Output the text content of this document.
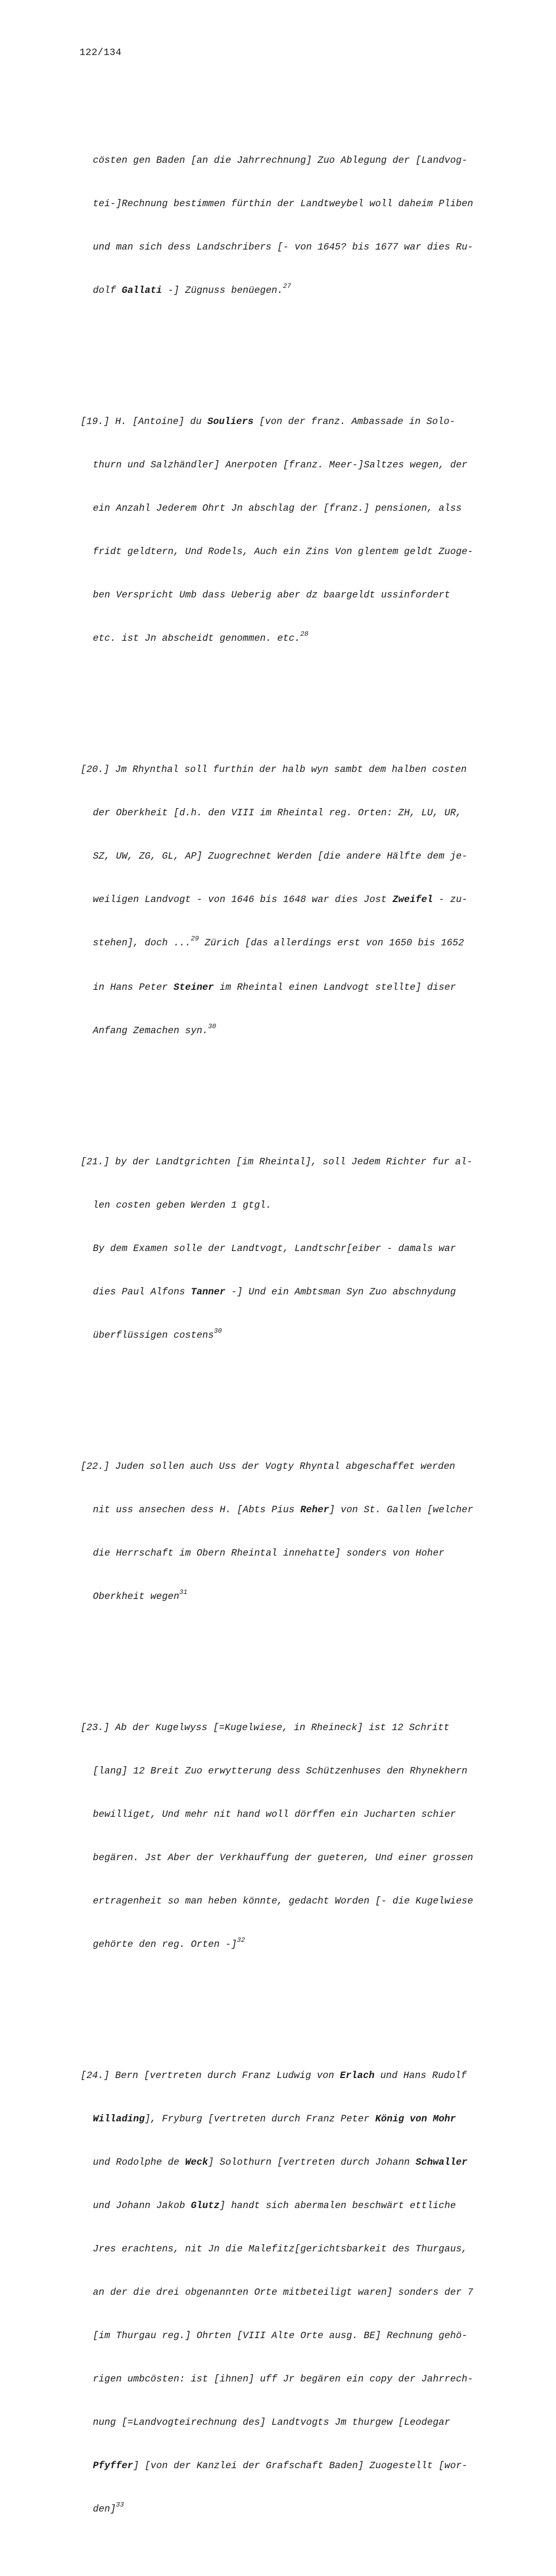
122/134

cösten gen Baden [an die Jahrrechnung] Zuo Ablegung der [Landvog-

tei-]Rechnung bestimmen fürthin der Landtweybel woll daheim Pliben

und man sich dess Landschribers [- von 1645? bis 1677 war dies Ru-

dolf Gallati -] Zügnuss benüegen.$^{27}$

[19.] H. [Antoine] du Souliers [von der franz. Ambassade in Solo-

thurn und Salzhändler] Anerpoten [franz. Meer-]Saltzes wegen, der

ein Anzahl Jederem Ohrt Jn abschlag der [franz.] pensionen, alss

fridt geldtern, Und Rodels, Auch ein Zins Von glentem geldt Zuoge-

ben Verspricht Umb dass Ueberig aber dz baargeldt ussinfordert

etc. ist Jn abscheidt genommen. etc.$^{28}$

[20.] Jm Rhynthal soll furthin der halb wyn sambt dem halben costen

der Oberkheit [d.h. den VIII im Rheintal reg. Orten: ZH, LU, UR,

SZ, UW, ZG, GL, AP] Zuogrechnet Werden [die andere Hälfte dem je-

weiligen Landvogt - von 1646 bis 1648 war dies Jost Zweifel - zu-

stehen], doch ...$^{29}$ Zürich [das allerdings erst von 1650 bis 1652

in Hans Peter Steiner im Rheintal einen Landvogt stellte] diser

Anfang Zemachen syn.$^{30}$

[21.] by der Landtgrichten [im Rheintal], soll Jedem Richter fur al-

len costen geben Werden 1 gtgl.

By dem Examen solle der Landtvogt, Landtschr[eiber - damals war

dies Paul Alfons Tanner -] Und ein Ambtsman Syn Zuo abschnydung

überflüssigen costens$^{30}$

[22.] Juden sollen auch Uss der Vogty Rhyntal abgeschaffet werden

nit uss ansechen dess H. [Abts Pius Reher] von St. Gallen [welcher

die Herrschaft im Obern Rheintal innehatte] sonders von Hoher

Oberkheit wegen$^{31}$

[23.] Ab der Kugelwyss [=Kugelwiese, in Rheineck] ist 12 Schritt

[lang] 12 Breit Zuo erwytterung dess Schützenhuses den Rhynekhern

bewilliget, Und mehr nit hand woll dörffen ein Jucharten schier

begären. Jst Aber der Verkhauffung der gueteren, Und einer grossen

ertragenheit so man heben könnte, gedacht Worden [- die Kugelwiese

gehörte den reg. Orten -]$^{32}$

[24.] Bern [vertreten durch Franz Ludwig von Erlach und Hans Rudolf

Willading], Fryburg [vertreten durch Franz Peter König von Mohr

und Rodolphe de Weck] Solothurn [vertreten durch Johann Schwaller

und Johann Jakob Glutz] handt sich abermalen beschwärt ettliche

Jres erachtens, nit Jn die Malefitz[gerichtsbarkeit des Thurgaus,

an der die drei obgenannten Orte mitbeteiligt waren] sonders der 7

[im Thurgau reg.] Ohrten [VIII Alte Orte ausg. BE] Rechnung gehö-

rigen umbcösten: ist [ihnen] uff Jr begären ein copy der Jahrrech-

nung [=Landvogteirechnung des] Landtvogts Jm thurgew [Leodegar

Pfyffer] [von der Kanzlei der Grafschaft Baden] Zuogestellt [wor-

den]$^{33}$
